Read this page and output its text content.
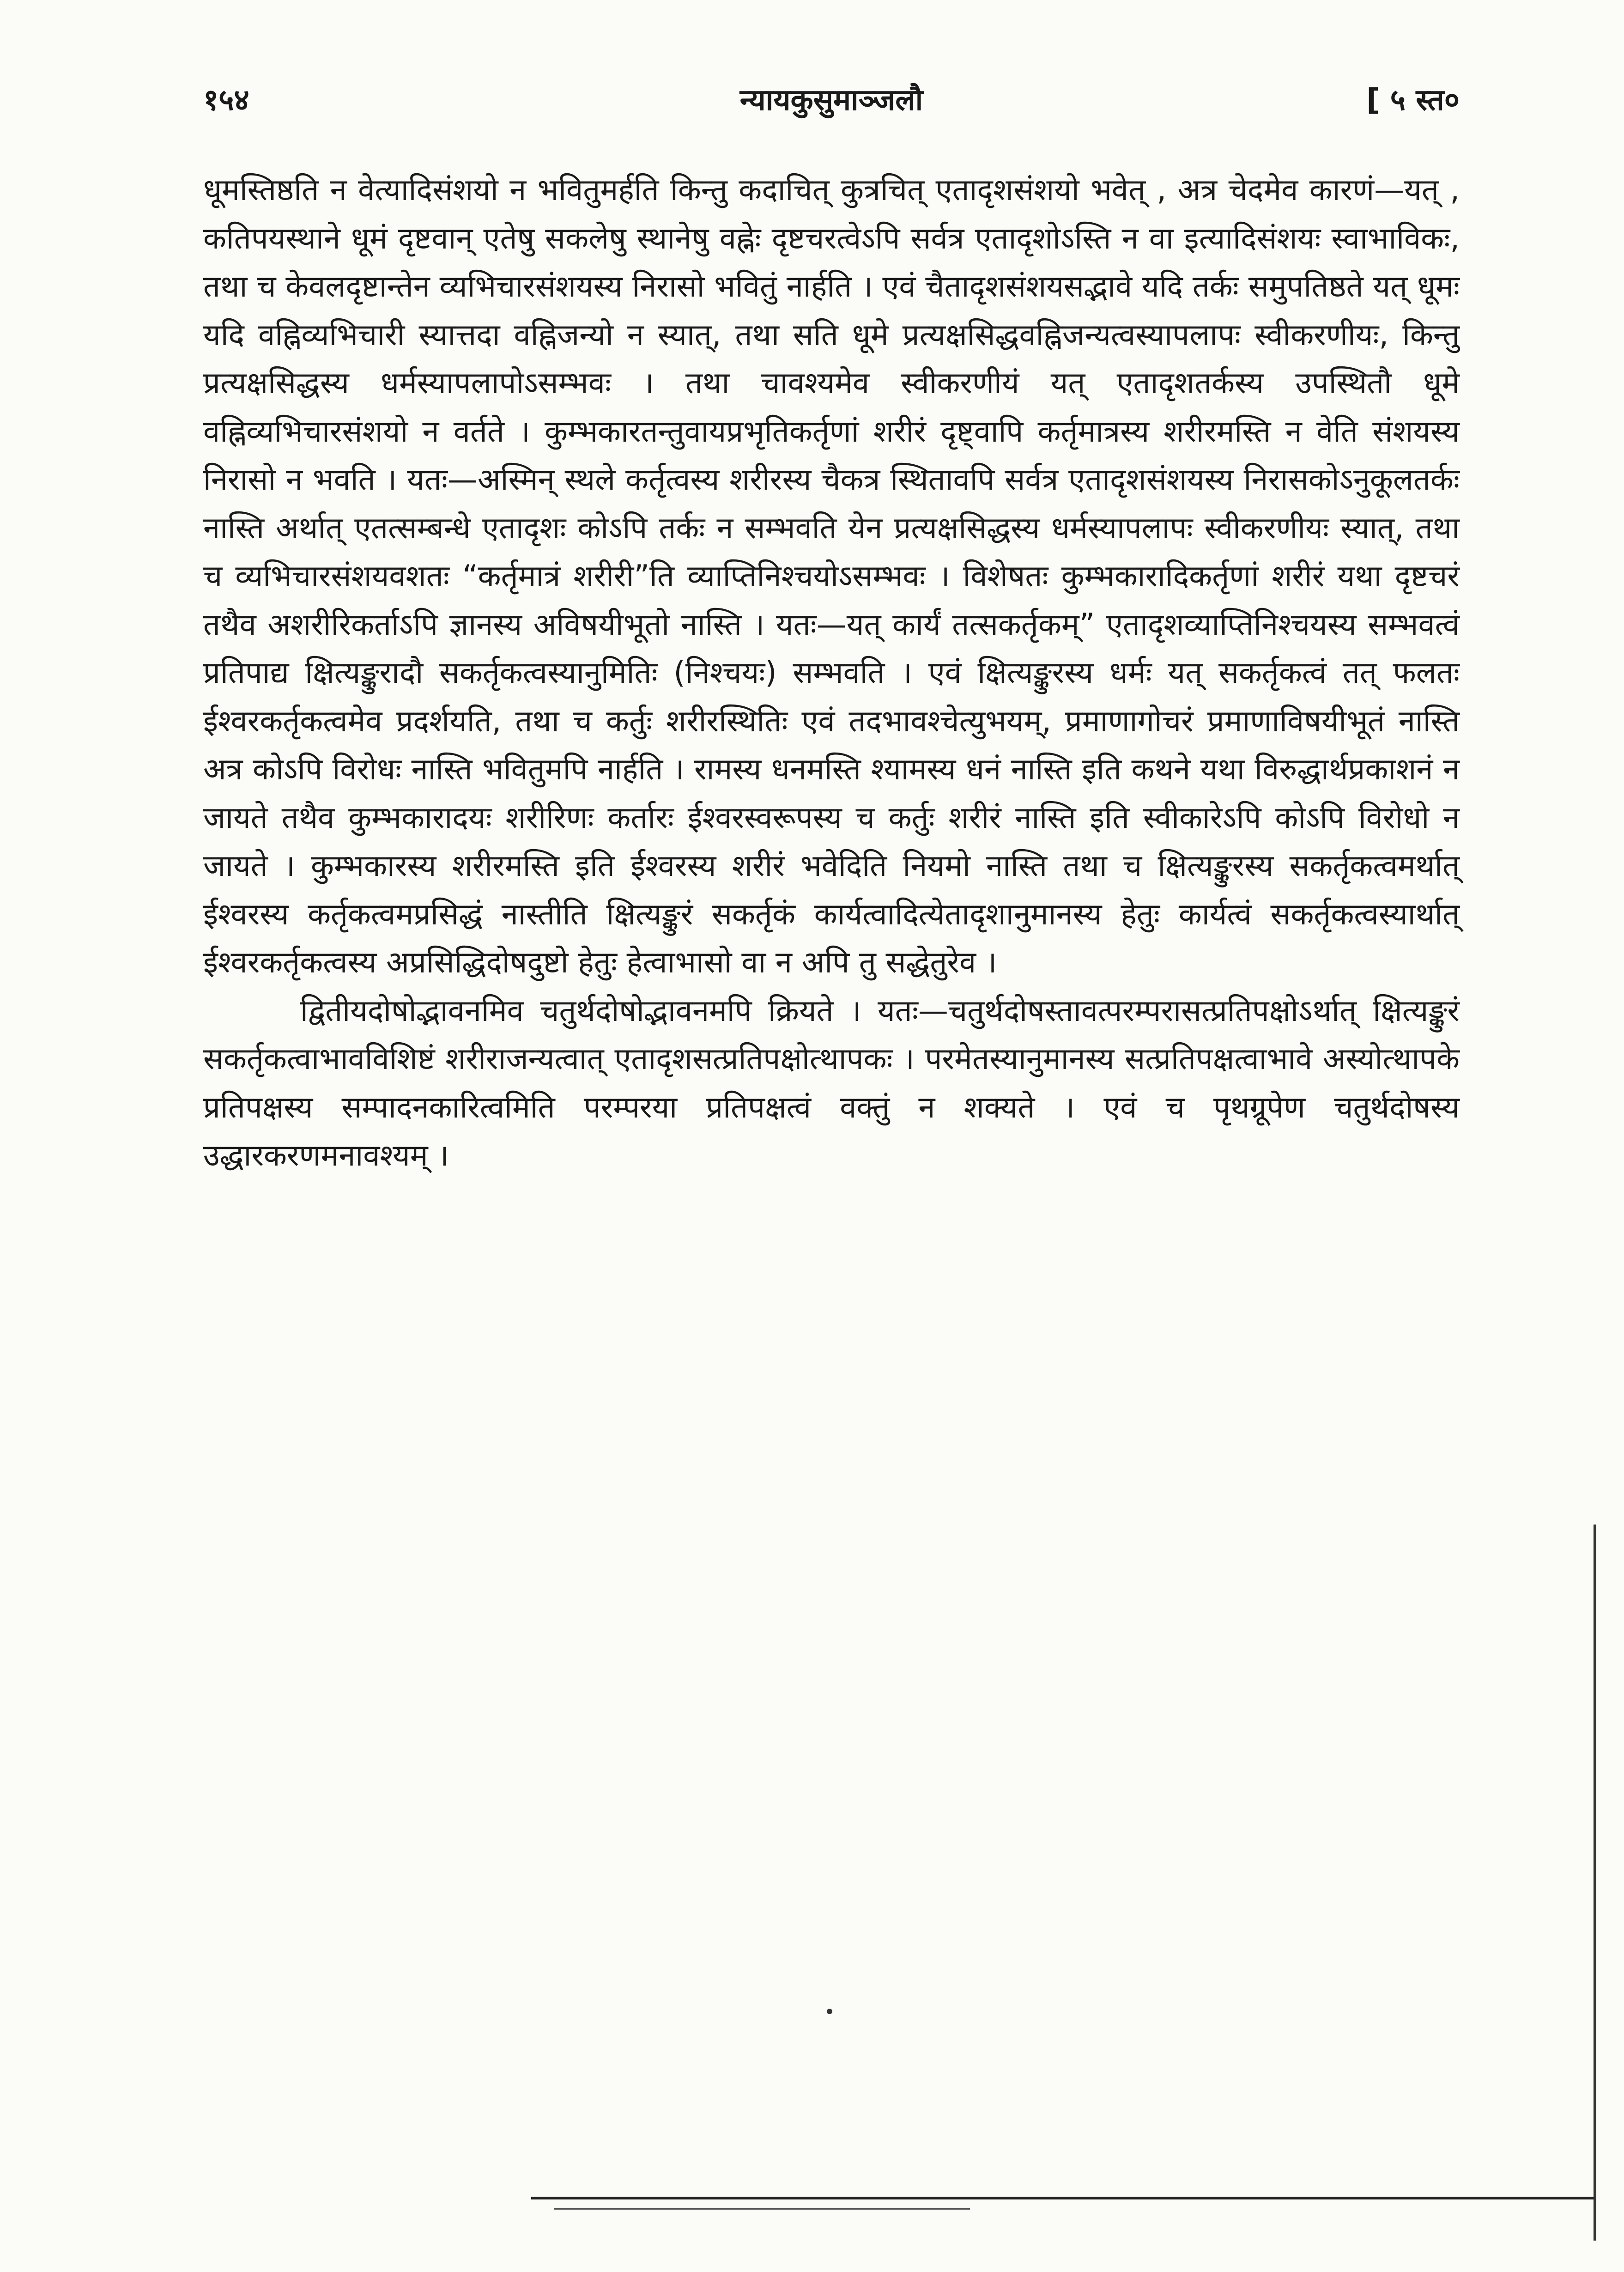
१५४	न्यायकुसुमाञ्जलौ	[ ५ स्त०

धूमस्तिष्ठति न वेत्यादिसंशयो न भवितुमर्हति किन्तु कदाचित् कुत्रचित् एतादृशसंशयो भवेत् , अत्र चेदमेव कारणं—यत् , कतिपयस्थाने धूमं दृष्टवान् एतेषु सकलेषु स्थानेषु वह्नेः दृष्टचरत्वेऽपि सर्वत्र एतादृशोऽस्ति न वा इत्यादिसंशयः स्वाभाविकः, तथा च केवलदृष्टान्तेन व्यभिचारसंशयस्य निरासो भवितुं नार्हति । एवं चैतादृशसंशयसद्भावे यदि तर्कः समुपतिष्ठते यत् धूमः यदि वह्निव्यभिचारी स्यात्तदा वह्निजन्यो न स्यात्, तथा सति धूमे प्रत्यक्षसिद्धवह्निजन्यत्वस्यापलापः स्वीकरणीयः, किन्तु प्रत्यक्षसिद्धस्य धर्मस्यापलापोऽसम्भवः । तथा चावश्यमेव स्वीकरणीयं यत् एतादृशतर्कस्य उपस्थितौ धूमे वह्निव्यभिचारसंशयो न वर्तते । कुम्भकारतन्तुवायप्रभृतिकर्तृणां शरीरं दृष्ट्वापि कर्तृमात्रस्य शरीरमस्ति न वेति संशयस्य निरासो न भवति । यतः—अस्मिन् स्थले कर्तृत्वस्य शरीरस्य चैकत्र स्थितावपि सर्वत्र एतादृशसंशयस्य निरासकोऽनुकूलतर्कः नास्ति अर्थात् एतत्सम्बन्धे एतादृशः कोऽपि तर्कः न सम्भवति येन प्रत्यक्षसिद्धस्य धर्मस्यापलापः स्वीकरणीयः स्यात्, तथा च व्यभिचारसंशयवशतः “कर्तृमात्रं शरीरी”ति व्याप्तिनिश्चयोऽसम्भवः । विशेषतः कुम्भकारादिकर्तृणां शरीरं यथा दृष्टचरं तथैव अशरीरिकर्ताऽपि ज्ञानस्य अविषयीभूतो नास्ति । यतः—यत् कार्यं तत्सकर्तृकम्” एतादृशव्याप्तिनिश्चयस्य सम्भवत्वं प्रतिपाद्य क्षित्यङ्कुरादौ सकर्तृकत्वस्यानुमितिः (निश्चयः) सम्भवति । एवं क्षित्यङ्कुरस्य धर्मः यत् सकर्तृकत्वं तत् फलतः ईश्वरकर्तृकत्वमेव प्रदर्शयति, तथा च कर्तुः शरीरस्थितिः एवं तदभावश्चेत्युभयम्, प्रमाणागोचरं प्रमाणाविषयीभूतं नास्ति अत्र कोऽपि विरोधः नास्ति भवितुमपि नार्हति । रामस्य धनमस्ति श्यामस्य धनं नास्ति इति कथने यथा विरुद्धार्थप्रकाशनं न जायते तथैव कुम्भकारादयः शरीरिणः कर्तारः ईश्वरस्वरूपस्य च कर्तुः शरीरं नास्ति इति स्वीकारेऽपि कोऽपि विरोधो न जायते । कुम्भकारस्य शरीरमस्ति इति ईश्वरस्य शरीरं भवेदिति नियमो नास्ति तथा च क्षित्यङ्कुरस्य सकर्तृकत्वमर्थात् ईश्वरस्य कर्तृकत्वमप्रसिद्धं नास्तीति क्षित्यङ्कुरं सकर्तृकं कार्यत्वादित्येतादृशानुमानस्य हेतुः कार्यत्वं सकर्तृकत्वस्यार्थात् ईश्वरकर्तृकत्वस्य अप्रसिद्धिदोषदुष्टो हेतुः हेत्वाभासो वा न अपि तु सद्धेतुरेव ।

द्वितीयदोषोद्भावनमिव चतुर्थदोषोद्भावनमपि क्रियते । यतः—चतुर्थदोषस्तावत्परम्परासत्प्रतिपक्षोऽर्थात् क्षित्यङ्कुरं सकर्तृकत्वाभावविशिष्टं शरीराजन्यत्वात् एतादृशसत्प्रतिपक्षोत्थापकः । परमेतस्यानुमानस्य सत्प्रतिपक्षत्वाभावे अस्योत्थापके प्रतिपक्षस्य सम्पादनकारित्वमिति परम्परया प्रतिपक्षत्वं वक्तुं न शक्यते । एवं च पृथग्रूपेण चतुर्थदोषस्य उद्धारकरणमनावश्यम् ।
